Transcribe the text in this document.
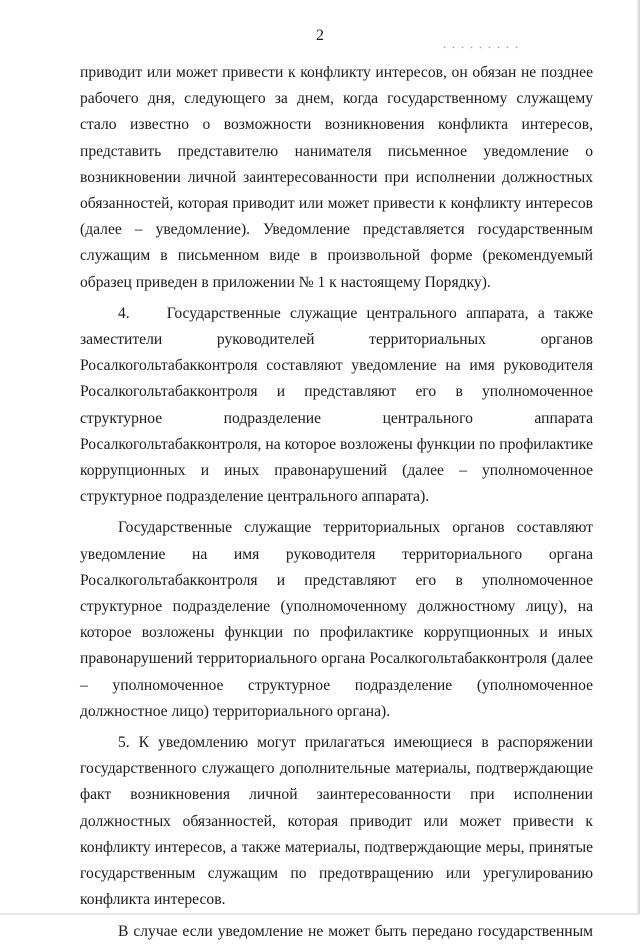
2

приводит или может привести к конфликту интересов, он обязан не позднее рабочего дня, следующего за днем, когда государственному служащему стало известно о возможности возникновения конфликта интересов, представить представителю нанимателя письменное уведомление о возникновении личной заинтересованности при исполнении должностных обязанностей, которая приводит или может привести к конфликту интересов (далее – уведомление). Уведомление представляется государственным служащим в письменном виде в произвольной форме (рекомендуемый образец приведен в приложении № 1 к настоящему Порядку).

4.    Государственные служащие центрального аппарата, а также заместители руководителей территориальных органов Росалкогольтабакконтроля составляют уведомление на имя руководителя Росалкогольтабакконтроля и представляют его в уполномоченное структурное подразделение центрального аппарата Росалкогольтабакконтроля, на которое возложены функции по профилактике коррупционных и иных правонарушений (далее – уполномоченное структурное подразделение центрального аппарата).

Государственные служащие территориальных органов составляют уведомление на имя руководителя территориального органа Росалкогольтабакконтроля и представляют его в уполномоченное структурное подразделение (уполномоченному должностному лицу), на которое возложены функции по профилактике коррупционных и иных правонарушений территориального органа Росалкогольтабакконтроля (далее – уполномоченное структурное подразделение (уполномоченное должностное лицо) территориального органа).

5. К уведомлению могут прилагаться имеющиеся в распоряжении государственного служащего дополнительные материалы, подтверждающие факт возникновения личной заинтересованности при исполнении должностных обязанностей, которая приводит или может привести к конфликту интересов, а также материалы, подтверждающие меры, принятые государственным служащим по предотвращению или урегулированию конфликта интересов.

В случае если уведомление не может быть передано государственным
